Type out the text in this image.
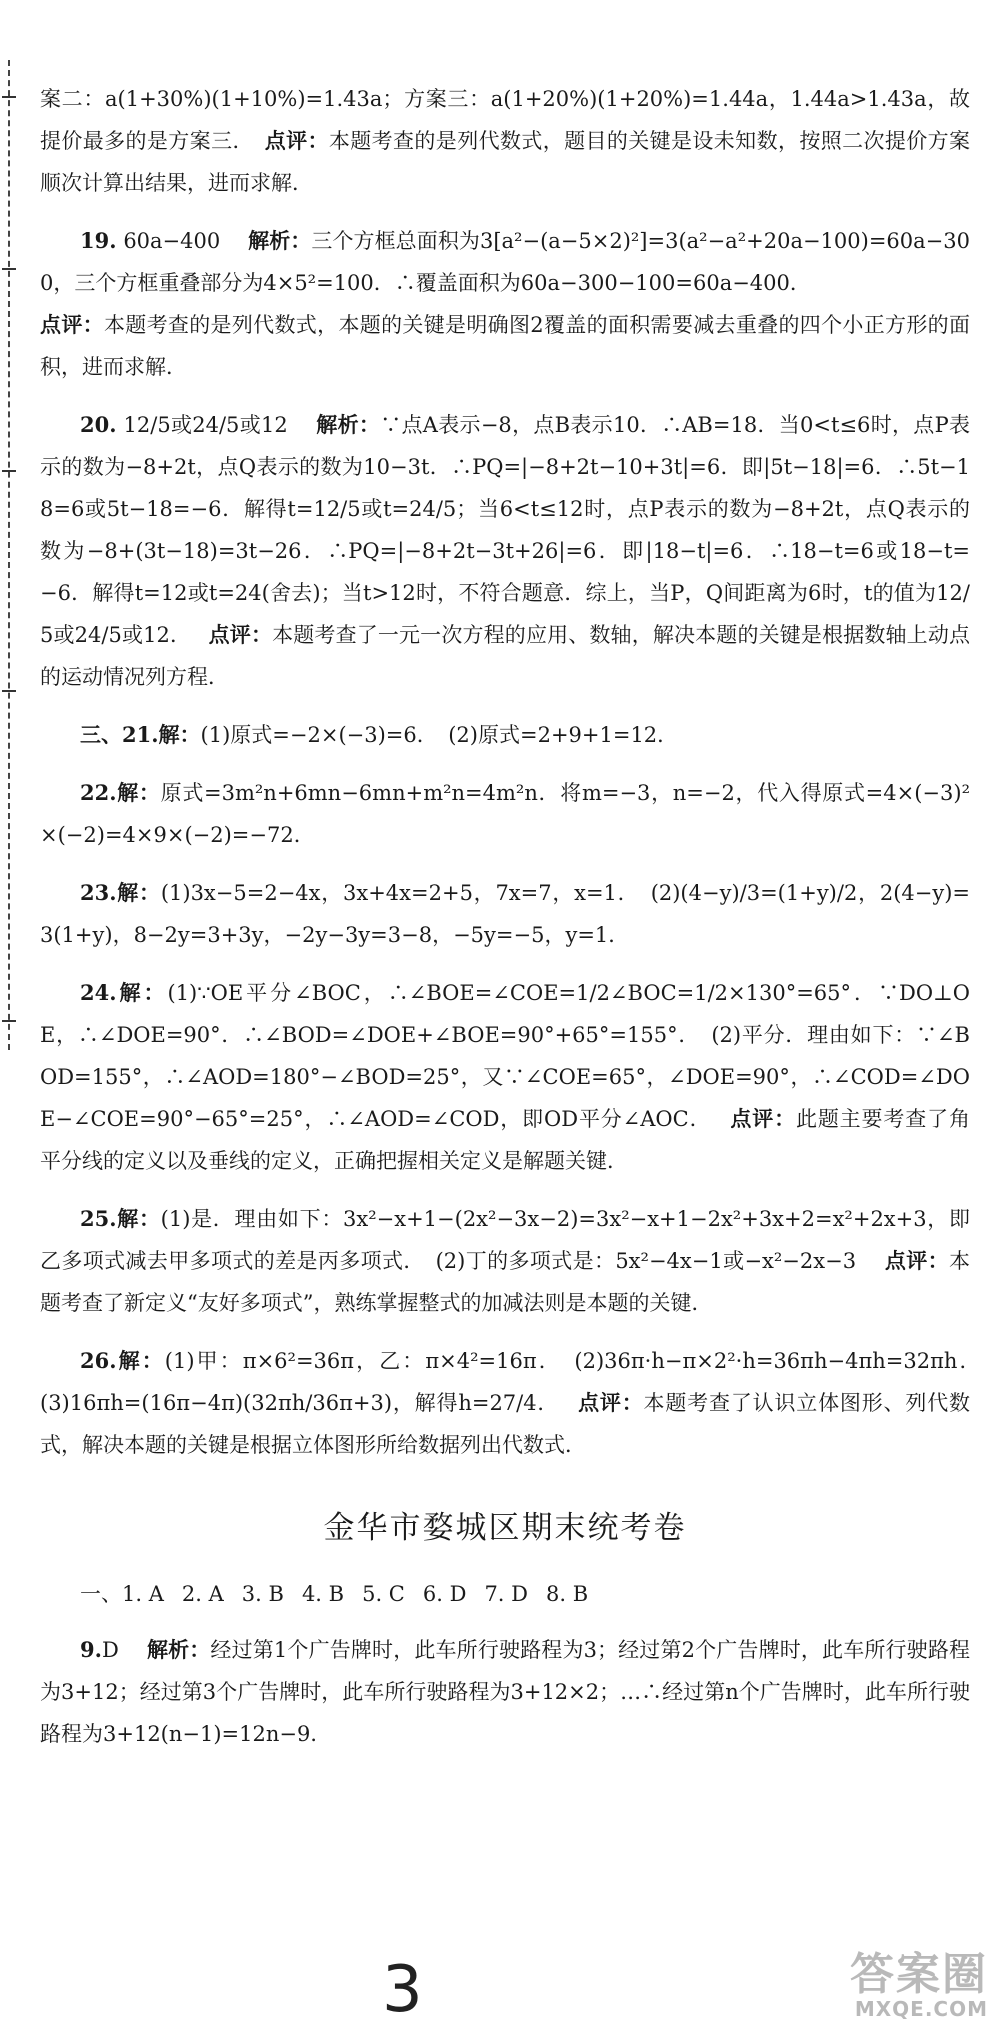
案二：a(1+30%)(1+10%)=1.43a；方案三：a(1+20%)(1+20%)=1.44a，1.44a>1.43a，故提价最多的是方案三．　 点评：本题考查的是列代数式，题目的关键是设未知数，按照二次提价方案顺次计算出结果，进而求解．

19. 60a−400　 解析：三个方框总面积为3[a²−(a−5×2)²]=3(a²−a²+20a−100)=60a−300，三个方框重叠部分为4×5²=100．∴覆盖面积为60a−300−100=60a−400．
点评：本题考查的是列代数式，本题的关键是明确图2覆盖的面积需要减去重叠的四个小正方形的面积，进而求解．

20. 12/5或24/5或12　 解析：∵点A表示−8，点B表示10．∴AB=18．当0<t≤6时，点P表示的数为−8+2t，点Q表示的数为10−3t．∴PQ=|−8+2t−10+3t|=6．即|5t−18|=6．∴5t−18=6或5t−18=−6．解得t=12/5或t=24/5；当6<t≤12时，点P表示的数为−8+2t，点Q表示的数为−8+(3t−18)=3t−26．∴PQ=|−8+2t−3t+26|=6．即|18−t|=6．∴18−t=6或18−t=−6．解得t=12或t=24(舍去)；当t>12时，不符合题意．综上，当P，Q间距离为6时，t的值为12/5或24/5或12．　 点评：本题考查了一元一次方程的应用、数轴，解决本题的关键是根据数轴上动点的运动情况列方程．

三、21.解：(1)原式=−2×(−3)=6．　(2)原式=2+9+1=12．

22.解：原式=3m²n+6mn−6mn+m²n=4m²n．将m=−3，n=−2，代入得原式=4×(−3)²×(−2)=4×9×(−2)=−72．

23.解：(1)3x−5=2−4x，3x+4x=2+5，7x=7，x=1．　(2)(4−y)/3=(1+y)/2，2(4−y)=3(1+y)，8−2y=3+3y，−2y−3y=3−8，−5y=−5，y=1．

24.解：(1)∵OE平分∠BOC，∴∠BOE=∠COE=1/2∠BOC=1/2×130°=65°．∵DO⊥OE，∴∠DOE=90°．∴∠BOD=∠DOE+∠BOE=90°+65°=155°．　(2)平分．理由如下：∵∠BOD=155°，∴∠AOD=180°−∠BOD=25°，又∵∠COE=65°，∠DOE=90°，∴∠COD=∠DOE−∠COE=90°−65°=25°，∴∠AOD=∠COD，即OD平分∠AOC．　 点评：此题主要考查了角平分线的定义以及垂线的定义，正确把握相关定义是解题关键．

25.解：(1)是．理由如下：3x²−x+1−(2x²−3x−2)=3x²−x+1−2x²+3x+2=x²+2x+3，即乙多项式减去甲多项式的差是丙多项式．　(2)丁的多项式是：5x²−4x−1或−x²−2x−3　 点评：本题考查了新定义“友好多项式”，熟练掌握整式的加减法则是本题的关键．

26.解：(1)甲：π×6²=36π，乙：π×4²=16π．　(2)36π·h−π×2²·h=36πh−4πh=32πh．　(3)16πh=(16π−4π)(32πh/36π+3)，解得h=27/4．　 点评：本题考查了认识立体图形、列代数式，解决本题的关键是根据立体图形所给数据列出代数式．

金华市婺城区期末统考卷
一、1. A 2. A 3. B 4. B 5. C 6. D 7. D 8. B

9.D　 解析：经过第1个广告牌时，此车所行驶路程为3；经过第2个广告牌时，此车所行驶路程为3+12；经过第3个广告牌时，此车所行驶路程为3+12×2；…∴经过第n个广告牌时，此车所行驶路程为3+12(n−1)=12n−9．

3	答案圈
MXQE.COM
